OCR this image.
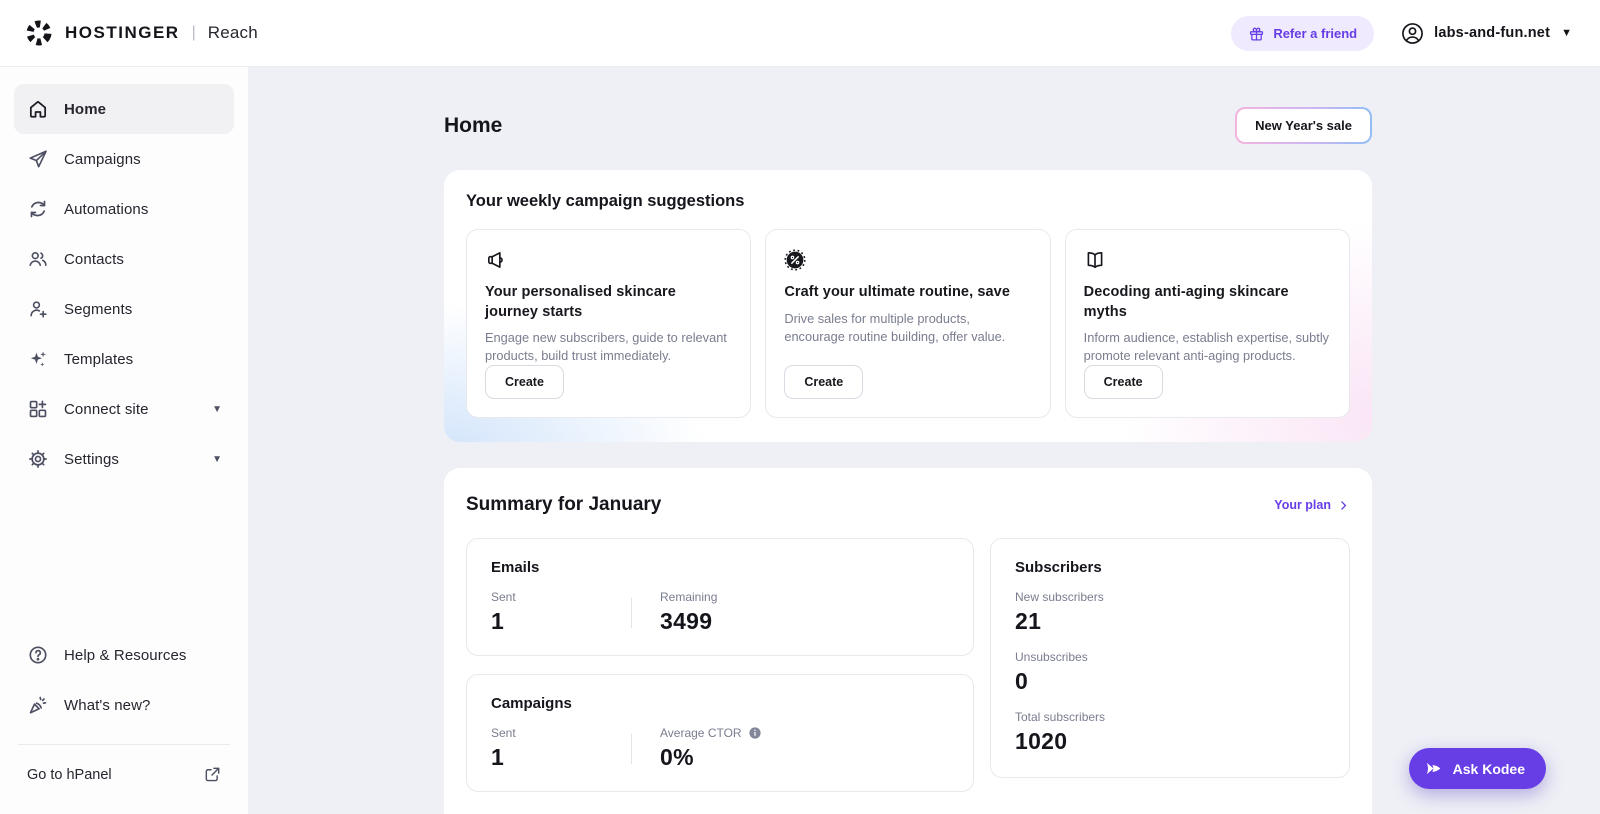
HOSTINGER | Reach	Refer a friend	labs-and-fun.net ▼
Home
Campaigns
Automations
Contacts
Segments
Templates
Connect site	▼
Settings	▼
Help & Resources
What's new?
Go to hPanel
Home	New Year's sale
Your weekly campaign suggestions
Your personalised skincare journey starts
Engage new subscribers, guide to relevant products, build trust immediately.
Create
Craft your ultimate routine, save
Drive sales for multiple products, encourage routine building, offer value.
Create
Decoding anti-aging skincare myths
Inform audience, establish expertise, subtly promote relevant anti-aging products.
Create
Summary for January	Your plan
Emails
Sent
1
Remaining
3499
Campaigns
Sent
1
Average CTOR
0%
Subscribers
New subscribers
21
Unsubscribes
0
Total subscribers
1020
Ask Kodee
